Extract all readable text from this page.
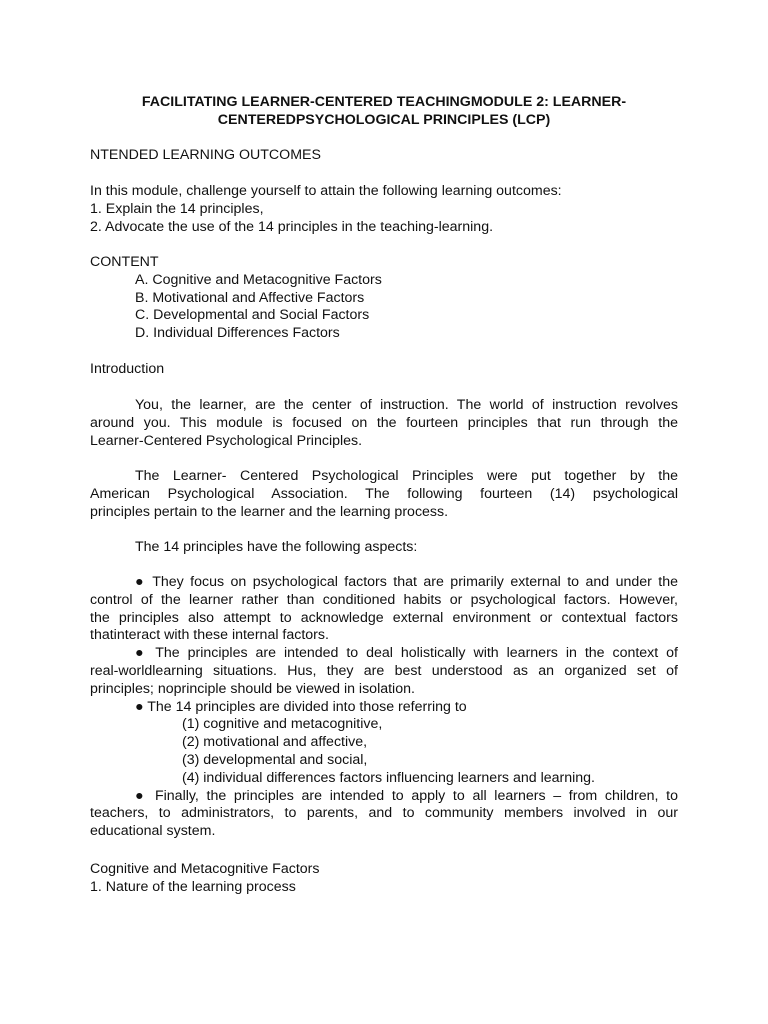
FACILITATING LEARNER-CENTERED TEACHINGMODULE 2: LEARNER-
CENTEREDPSYCHOLOGICAL PRINCIPLES (LCP)
NTENDED LEARNING OUTCOMES
In this module, challenge yourself to attain the following learning outcomes:
1. Explain the 14 principles,
2. Advocate the use of the 14 principles in the teaching-learning.
CONTENT
A. Cognitive and Metacognitive Factors
B. Motivational and Affective Factors
C. Developmental and Social Factors
D. Individual Differences Factors
Introduction
You, the learner, are the center of instruction. The world of instruction revolves
around you. This module is focused on the fourteen principles that run through the
Learner-Centered Psychological Principles.
The Learner- Centered Psychological Principles were put together by the
American Psychological Association. The following fourteen (14) psychological
principles pertain to the learner and the learning process.
The 14 principles have the following aspects:
● They focus on psychological factors that are primarily external to and under the
control of the learner rather than conditioned habits or psychological factors. However,
the principles also attempt to acknowledge external environment or contextual factors
thatinteract with these internal factors.
● The principles are intended to deal holistically with learners in the context of
real-worldlearning situations. Hus, they are best understood as an organized set of
principles; noprinciple should be viewed in isolation.
● The 14 principles are divided into those referring to
(1) cognitive and metacognitive,
(2) motivational and affective,
(3) developmental and social,
(4) individual differences factors influencing learners and learning.
● Finally, the principles are intended to apply to all learners – from children, to
teachers, to administrators, to parents, and to community members involved in our
educational system.
Cognitive and Metacognitive Factors
1. Nature of the learning process
